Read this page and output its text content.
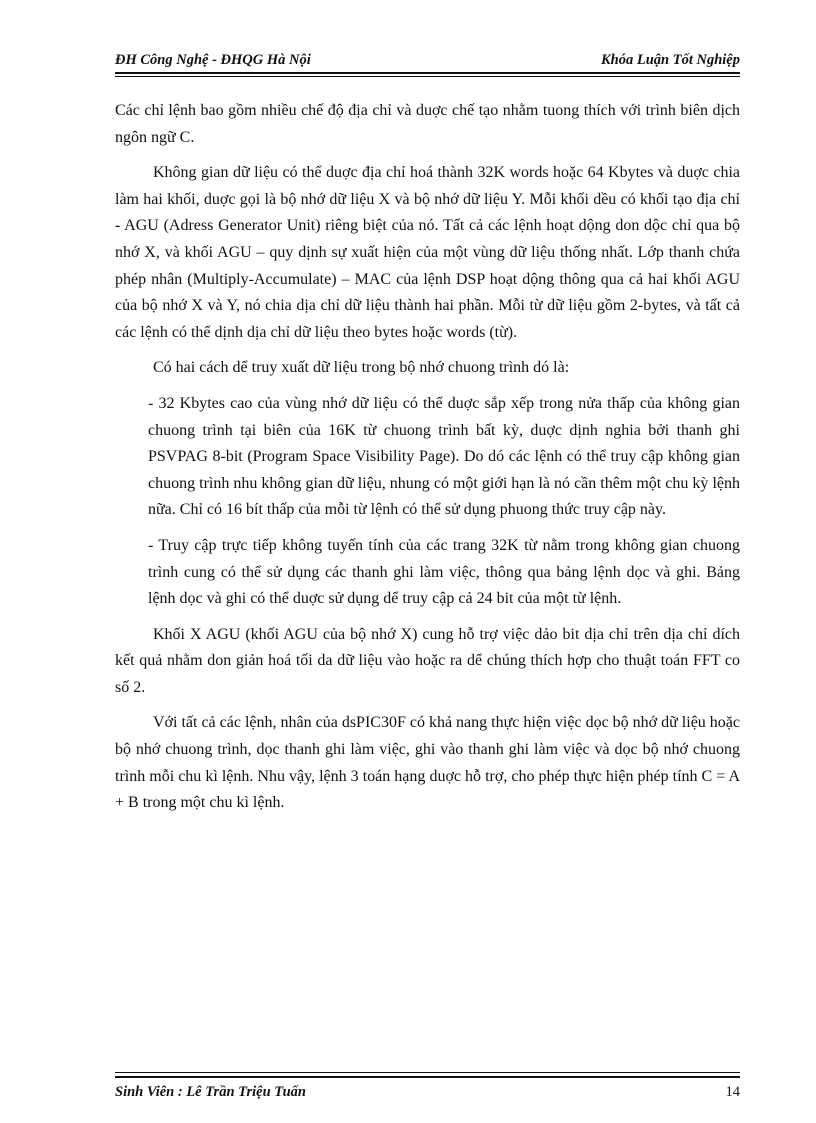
ĐH Công Nghệ - ĐHQG Hà Nội	Khóa Luận Tốt Nghiệp

Các chỉ lệnh bao gồm nhiều chế độ địa chỉ và duợc chế tạo nhằm tuong thích với trình biên dịch ngôn ngữ C.

Không gian dữ liệu có thể duợc địa chỉ hoá thành 32K words hoặc 64 Kbytes và duợc chia làm hai khối, duợc gọi là bộ nhớ dữ liệu X và bộ nhớ dữ liệu Y. Mỗi khối dều có khối tạo địa chỉ - AGU (Adress Generator Unit) riêng biệt của nó. Tất cả các lệnh hoạt dộng don dộc chỉ qua bộ nhớ X, và khối AGU – quy dịnh sự xuất hiện của một vùng dữ liệu thống nhất. Lớp thanh chứa phép nhân (Multiply-Accumulate) – MAC của lệnh DSP hoạt dộng thông qua cả hai khối AGU của bộ nhớ X và Y, nó chia dịa chỉ dữ liệu thành hai phần. Mỗi từ dữ liệu gồm 2-bytes, và tất cả các lệnh có thể dịnh dịa chỉ dữ liệu theo bytes hoặc words (từ).

Có hai cách dể truy xuất dữ liệu trong bộ nhớ chuong trình dó là:

- 32 Kbytes cao của vùng nhớ dữ liệu có thể duợc sắp xếp trong nửa thấp của không gian chuong trình tại biên của 16K từ chuong trình bất kỳ, duợc dịnh nghia bởi thanh ghi PSVPAG 8-bit (Program Space Visibility Page). Do dó các lệnh có thể truy cập không gian chuong trình nhu không gian dữ liệu, nhung có một giới hạn là nó cần thêm một chu kỳ lệnh nữa. Chỉ có 16 bít thấp của mỗi từ lệnh có thể sử dụng phuong thức truy cập này.

- Truy cập trực tiếp không tuyến tính của các trang 32K từ nằm trong không gian chuong trình cung có thể sử dụng các thanh ghi làm việc, thông qua bảng lệnh dọc và ghi. Bảng lệnh dọc và ghi có thể duợc sử dụng dể truy cập cả 24 bit của một từ lệnh.

Khối X AGU (khối AGU của bộ nhớ X) cung hỗ trợ việc dảo bit dịa chỉ trên dịa chỉ dích kết quả nhằm don giản hoá tối da dữ liệu vào hoặc ra dể chúng thích hợp cho thuật toán FFT co số 2.

Với tất cả các lệnh, nhân của dsPIC30F có khả nang thực hiện việc dọc bộ nhớ dữ liệu hoặc bộ nhớ chuong trình, dọc thanh ghi làm việc, ghi vào thanh ghi làm việc và dọc bộ nhớ chuong trình mỗi chu kì lệnh. Nhu vậy, lệnh 3 toán hạng duợc hỗ trợ, cho phép thực hiện phép tính C = A + B trong một chu kì lệnh.

Sinh Viên : Lê Trần Triệu Tuấn	14
